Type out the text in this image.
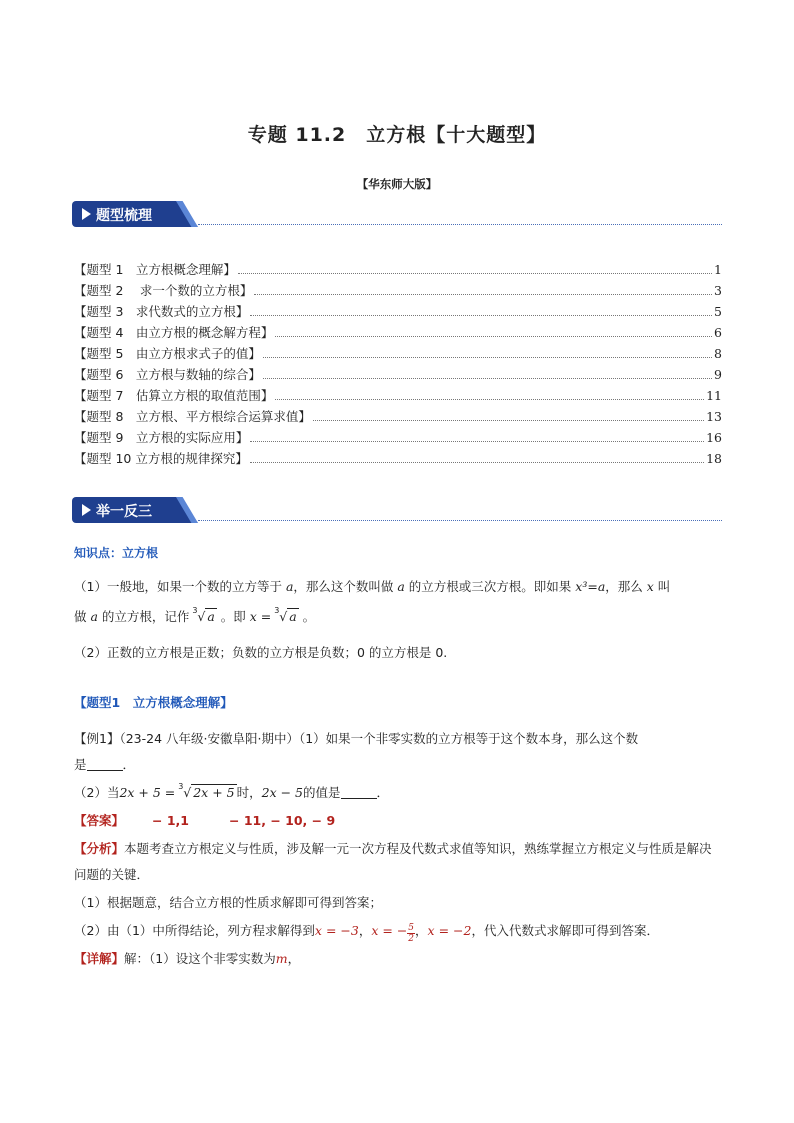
专题 11.2　立方根【十大题型】
【华东师大版】
题型梳理
【题型 1　立方根概念理解】	1
【题型 2　 求一个数的立方根】	3
【题型 3　求代数式的立方根】	5
【题型 4　由立方根的概念解方程】	6
【题型 5　由立方根求式子的值】	8
【题型 6　立方根与数轴的综合】	9
【题型 7　估算立方根的取值范围】	11
【题型 8　立方根、平方根综合运算求值】	13
【题型 9　立方根的实际应用】	16
【题型 10 立方根的规律探究】	18
举一反三
知识点：立方根
（1）一般地，如果一个数的立方等于 a，那么这个数叫做 a 的立方根或三次方根。即如果 x³=a，那么 x 叫
做 a 的立方根，记作 3 √ a 。即 x = 3 √ a 。
（2）正数的立方根是正数；负数的立方根是负数；0 的立方根是 0.
【题型1　立方根概念理解】
【例1】（23-24 八年级·安徽阜阳·期中）（1）如果一个非零实数的立方根等于这个数本身，那么这个数
是	．
（2）当2x + 5 = 3 √ 2x + 5 时，2x − 5的值是	．
【答案】 − 1,1	− 11, − 10, − 9
【分析】本题考查立方根定义与性质，涉及解一元一次方程及代数式求值等知识，熟练掌握立方根定义与性质是解决问题的关键．
（1）根据题意，结合立方根的性质求解即可得到答案；
（2）由（1）中所得结论，列方程求解得到x = −3，x = − $\frac{5}{2}$ ，x = −2，代入代数式求解即可得到答案．
【详解】解：（1）设这个非零实数为m，
